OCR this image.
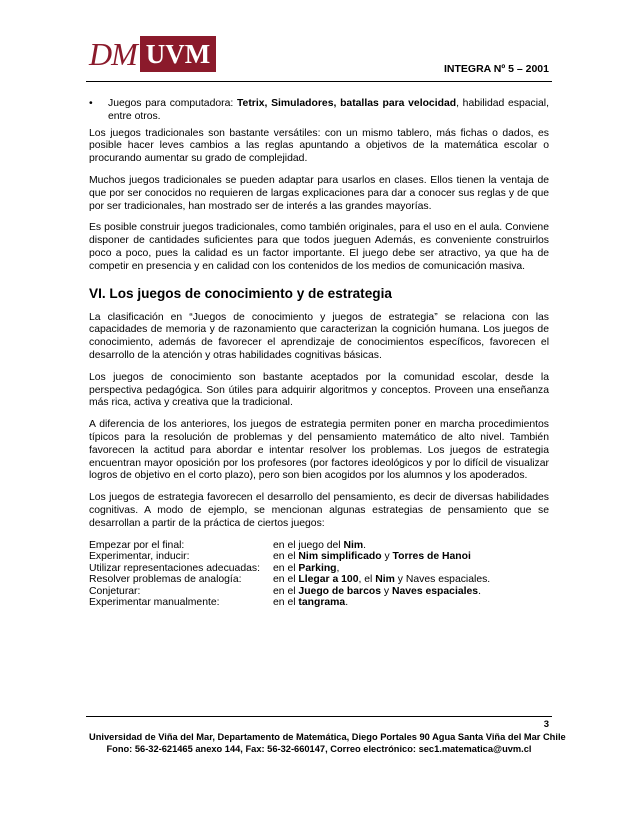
DM UVM	INTEGRA Nº 5 – 2001
• Juegos para computadora: Tetrix, Simuladores, batallas para velocidad, habilidad espacial, entre otros.

Los juegos tradicionales son bastante versátiles: con un mismo tablero, más fichas o dados, es posible hacer leves cambios a las reglas apuntando a objetivos de la matemática escolar o procurando aumentar su grado de complejidad.

Muchos juegos tradicionales se pueden adaptar para usarlos en clases. Ellos tienen la ventaja de que por ser conocidos no requieren de largas explicaciones para dar a conocer sus reglas y de que por ser tradicionales, han mostrado ser de interés a las grandes mayorías.

Es posible construir juegos tradicionales, como también originales, para el uso en el aula. Conviene disponer de cantidades suficientes para que todos jueguen Además, es conveniente construirlos poco a poco, pues la calidad es un factor importante. El juego debe ser atractivo, ya que ha de competir en presencia y en calidad con los contenidos de los medios de comunicación masiva.

VI. Los juegos de conocimiento y de estrategia

La clasificación en “Juegos de conocimiento y juegos de estrategia” se relaciona con las capacidades de memoria y de razonamiento que caracterizan la cognición humana. Los juegos de conocimiento, además de favorecer el aprendizaje de conocimientos específicos, favorecen el desarrollo de la atención y otras habilidades cognitivas básicas.

Los juegos de conocimiento son bastante aceptados por la comunidad escolar, desde la perspectiva pedagógica. Son útiles para adquirir algoritmos y conceptos. Proveen una enseñanza más rica, activa y creativa que la tradicional.

A diferencia de los anteriores, los juegos de estrategia permiten poner en marcha procedimientos típicos para la resolución de problemas y del pensamiento matemático de alto nivel. También favorecen la actitud para abordar e intentar resolver los problemas. Los juegos de estrategia encuentran mayor oposición por los profesores (por factores ideológicos y por lo difícil de visualizar logros de objetivo en el corto plazo), pero son bien acogidos por los alumnos y los apoderados.

Los juegos de estrategia favorecen el desarrollo del pensamiento, es decir de diversas habilidades cognitivas. A modo de ejemplo, se mencionan algunas estrategias de pensamiento que se desarrollan a partir de la práctica de ciertos juegos:

Empezar por el final:	en el juego del Nim.
Experimentar, inducir:	en el Nim simplificado y Torres de Hanoi
Utilizar representaciones adecuadas:	en el Parking,
Resolver problemas de analogía:	en el Llegar a 100, el Nim y Naves espaciales.
Conjeturar:	en el Juego de barcos y Naves espaciales.
Experimentar manualmente:	en el tangrama.
3
Universidad de Viña del Mar, Departamento de Matemática, Diego Portales 90 Agua Santa Viña del Mar Chile
Fono: 56-32-621465 anexo 144, Fax: 56-32-660147, Correo electrónico: sec1.matematica@uvm.cl
